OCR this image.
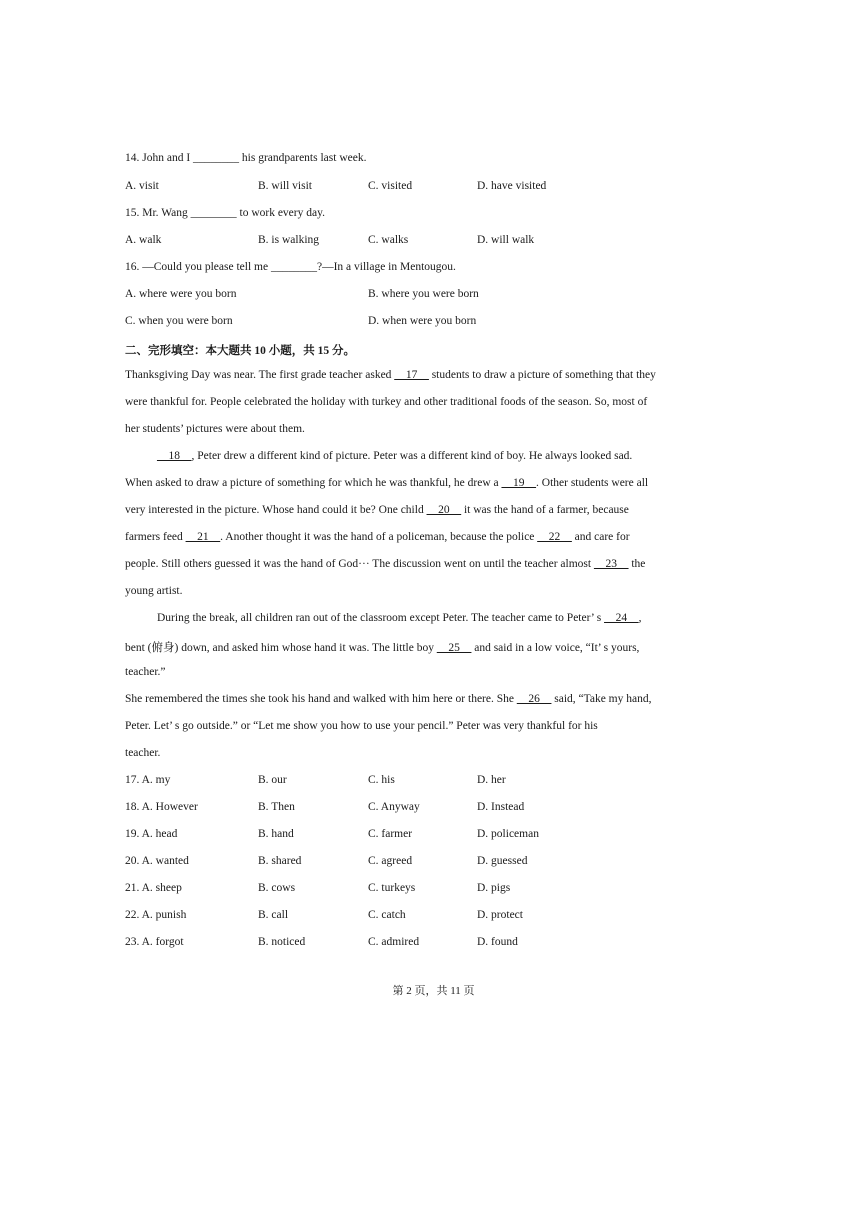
14. John and I ________ his grandparents last week.
A. visit	B. will visit	C. visited	D. have visited
15. Mr. Wang ________ to work every day.
A. walk	B. is walking	C. walks	D. will walk
16. —Could you please tell me ________?—In a village in Mentougou.
A. where were you born	B. where you were born
C. when you were born	D. when were you born
二、完形填空：本大题共 10 小题，共 15 分。
Thanksgiving Day was near. The first grade teacher asked __17__ students to draw a picture of something that they
were thankful for. People celebrated the holiday with turkey and other traditional foods of the season. So, most of
her students’ pictures were about them.
__18__, Peter drew a different kind of picture. Peter was a different kind of boy. He always looked sad.
When asked to draw a picture of something for which he was thankful, he drew a __19__. Other students were all
very interested in the picture. Whose hand could it be? One child __20__ it was the hand of a farmer, because
farmers feed __21__. Another thought it was the hand of a policeman, because the police __22__ and care for
people. Still others guessed it was the hand of God··· The discussion went on until the teacher almost __23__ the
young artist.
During the break, all children ran out of the classroom except Peter. The teacher came to Peter’ s __24__,
bent (俯身) down, and asked him whose hand it was. The little boy __25__ and said in a low voice, “It’ s yours,
teacher.”
She remembered the times she took his hand and walked with him here or there. She __26__ said, “Take my hand,
Peter. Let’ s go outside.” or “Let me show you how to use your pencil.” Peter was very thankful for his
teacher.
17. A. my	B. our	C. his	D. her
18. A. However	B. Then	C. Anyway	D. Instead
19. A. head	B. hand	C. farmer	D. policeman
20. A. wanted	B. shared	C. agreed	D. guessed
21. A. sheep	B. cows	C. turkeys	D. pigs
22. A. punish	B. call	C. catch	D. protect
23. A. forgot	B. noticed	C. admired	D. found
第 2 页，共 11 页
